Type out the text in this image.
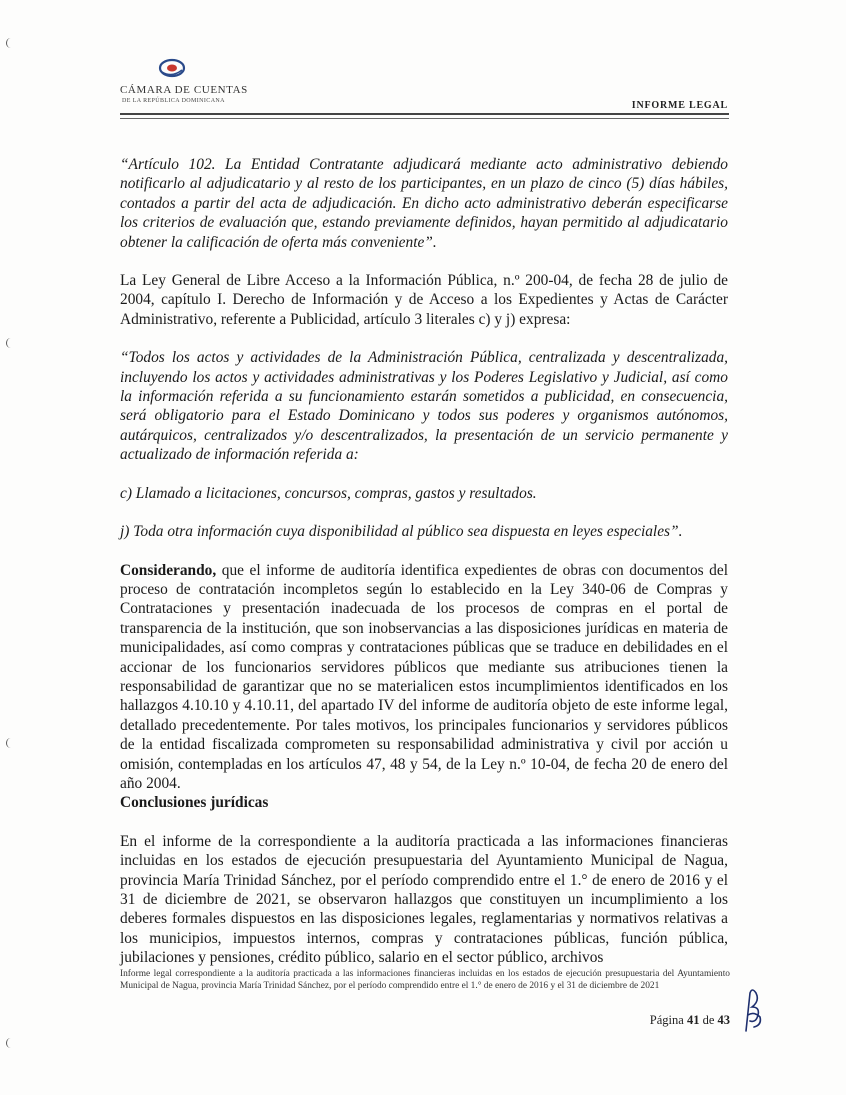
CÁMARA DE CUENTAS
DE LA REPÚBLICA DOMINICANA	INFORME LEGAL

“Artículo 102. La Entidad Contratante adjudicará mediante acto administrativo debiendo notificarlo al adjudicatario y al resto de los participantes, en un plazo de cinco (5) días hábiles, contados a partir del acta de adjudicación. En dicho acto administrativo deberán especificarse los criterios de evaluación que, estando previamente definidos, hayan permitido al adjudicatario obtener la calificación de oferta más conveniente”.

La Ley General de Libre Acceso a la Información Pública, n.º 200-04, de fecha 28 de julio de 2004, capítulo I. Derecho de Información y de Acceso a los Expedientes y Actas de Carácter Administrativo, referente a Publicidad, artículo 3 literales c) y j) expresa:

“Todos los actos y actividades de la Administración Pública, centralizada y descentralizada, incluyendo los actos y actividades administrativas y los Poderes Legislativo y Judicial, así como la información referida a su funcionamiento estarán sometidos a publicidad, en consecuencia, será obligatorio para el Estado Dominicano y todos sus poderes y organismos autónomos, autárquicos, centralizados y/o descentralizados, la presentación de un servicio permanente y actualizado de información referida a:

c) Llamado a licitaciones, concursos, compras, gastos y resultados.

j) Toda otra información cuya disponibilidad al público sea dispuesta en leyes especiales”.

Considerando, que el informe de auditoría identifica expedientes de obras con documentos del proceso de contratación incompletos según lo establecido en la Ley 340-06 de Compras y Contrataciones y presentación inadecuada de los procesos de compras en el portal de transparencia de la institución, que son inobservancias a las disposiciones jurídicas en materia de municipalidades, así como compras y contrataciones públicas que se traduce en debilidades en el accionar de los funcionarios servidores públicos que mediante sus atribuciones tienen la responsabilidad de garantizar que no se materialicen estos incumplimientos identificados en los hallazgos 4.10.10 y 4.10.11, del apartado IV del informe de auditoría objeto de este informe legal, detallado precedentemente. Por tales motivos, los principales funcionarios y servidores públicos de la entidad fiscalizada comprometen su responsabilidad administrativa y civil por acción u omisión, contempladas en los artículos 47, 48 y 54, de la Ley n.º 10-04, de fecha 20 de enero del año 2004.

Conclusiones jurídicas

En el informe de la correspondiente a la auditoría practicada a las informaciones financieras incluidas en los estados de ejecución presupuestaria del Ayuntamiento Municipal de Nagua, provincia María Trinidad Sánchez, por el período comprendido entre el 1.° de enero de 2016 y el 31 de diciembre de 2021, se observaron hallazgos que constituyen un incumplimiento a los deberes formales dispuestos en las disposiciones legales, reglamentarias y normativos relativas a los municipios, impuestos internos, compras y contrataciones públicas, función pública, jubilaciones y pensiones, crédito público, salario en el sector público, archivos

Informe legal correspondiente a la auditoría practicada a las informaciones financieras incluidas en los estados de ejecución presupuestaria del Ayuntamiento Municipal de Nagua, provincia María Trinidad Sánchez, por el período comprendido entre el 1.° de enero de 2016 y el 31 de diciembre de 2021
Página 41 de 43
